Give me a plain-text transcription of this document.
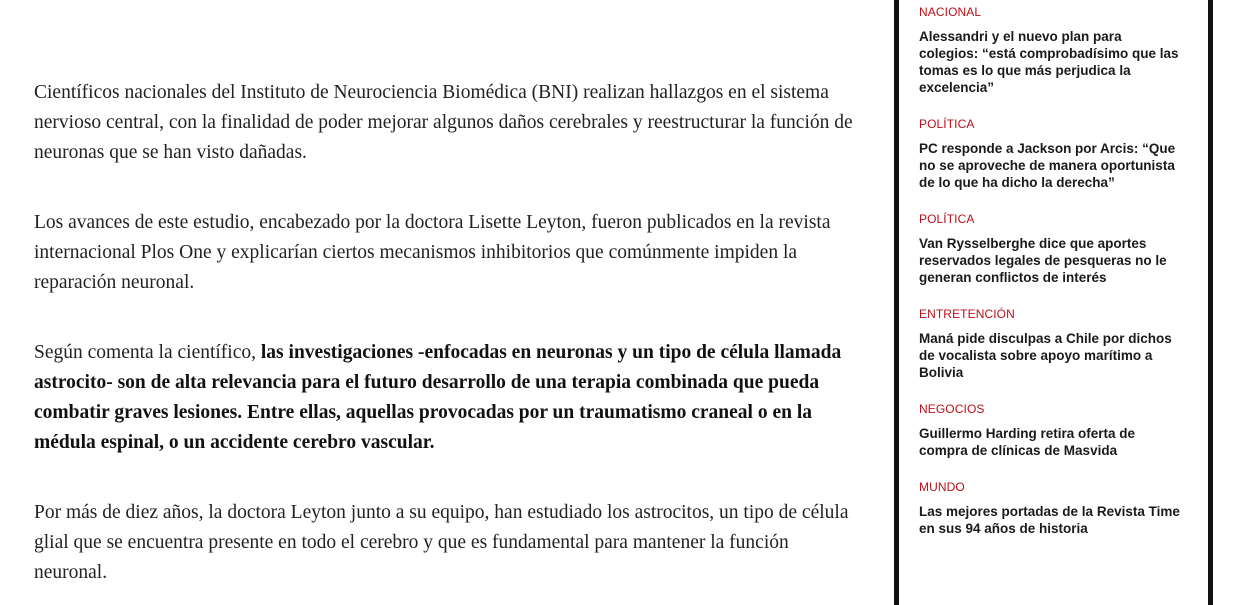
Científicos nacionales del Instituto de Neurociencia Biomédica (BNI) realizan hallazgos en el sistema nervioso central, con la finalidad de poder mejorar algunos daños cerebrales y reestructurar la función de neuronas que se han visto dañadas.

Los avances de este estudio, encabezado por la doctora Lisette Leyton, fueron publicados en la revista internacional Plos One y explicarían ciertos mecanismos inhibitorios que comúnmente impiden la reparación neuronal.

Según comenta la científico, las investigaciones -enfocadas en neuronas y un tipo de célula llamada astrocito- son de alta relevancia para el futuro desarrollo de una terapia combinada que pueda combatir graves lesiones. Entre ellas, aquellas provocadas por un traumatismo craneal o en la médula espinal, o un accidente cerebro vascular.

Por más de diez años, la doctora Leyton junto a su equipo, han estudiado los astrocitos, un tipo de célula glial que se encuentra presente en todo el cerebro y que es fundamental para mantener la función neuronal.

NACIONAL
Alessandri y el nuevo plan para colegios: “está comprobadísimo que las tomas es lo que más perjudica la excelencia”
POLÍTICA
PC responde a Jackson por Arcis: “Que no se aproveche de manera oportunista de lo que ha dicho la derecha”
POLÍTICA
Van Rysselberghe dice que aportes reservados legales de pesqueras no le generan conflictos de interés
ENTRETENCIÓN
Maná pide disculpas a Chile por dichos de vocalista sobre apoyo marítimo a Bolivia
NEGOCIOS
Guillermo Harding retira oferta de compra de clínicas de Masvida
MUNDO
Las mejores portadas de la Revista Time en sus 94 años de historia
